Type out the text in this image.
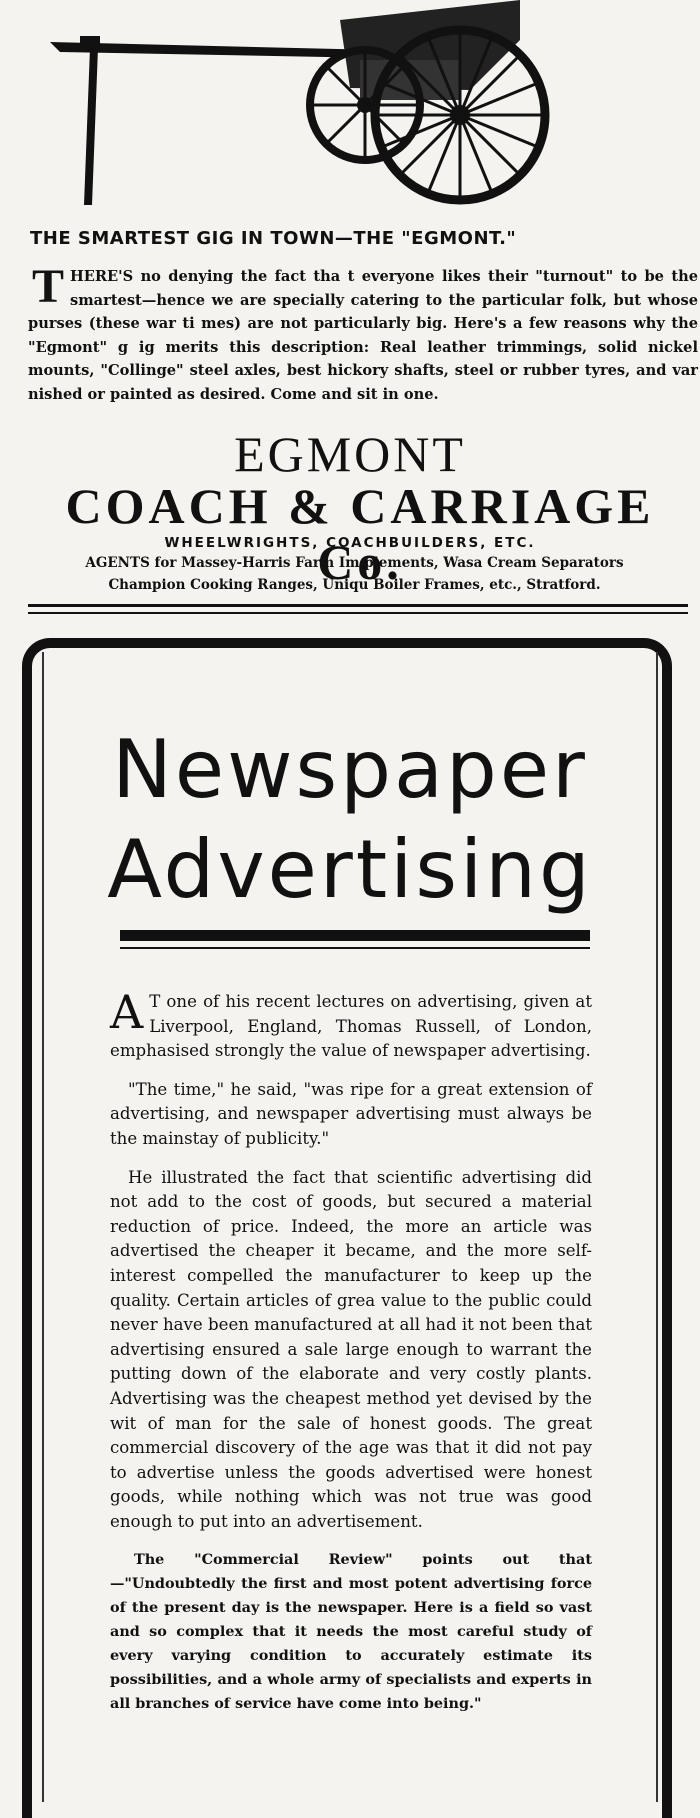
THE SMARTEST GIG IN TOWN—THE "EGMONT."
THERE'S no denying the fact tha t everyone likes their "turnout" to be the smartest—hence we are specially catering to the particular folk, but whose purses (these war ti mes) are not particularly big. Here's a few reasons why the "Egmont" g ig merits this description: Real leather trimmings, solid nickel mounts, "Collinge" steel axles, best hickory shafts, steel or rubber tyres, and var nished or painted as desired. Come and sit in one.
EGMONT
COACH & CARRIAGE Co.
WHEELWRIGHTS, COACHBUILDERS, ETC.
AGENTS for Massey-Harris Farm Im plements, Wasa Cream Separators
Champion Cooking Ranges, Uniqu Boiler Frames, etc., Stratford.
Newspaper
Advertising

A T one of his recent lectures on advertising, given at Liverpool, England, Thomas Russell, of London, emphasised strongly the value of newspaper advertising.

"The time," he said, "was ripe for a great extension of advertising, and newspaper advertising must always be the mainstay of publicity."

He illustrated the fact that scientific advertising did not add to the cost of goods, but secured a material reduction of price. Indeed, the more an article was advertised the cheaper it became, and the more self-interest compelled the manufacturer to keep up the quality. Certain articles of grea value to the public could never have been manufactured at all had it not been that advertising ensured a sale large enough to warrant the putting down of the elaborate and very costly plants. Advertising was the cheapest method yet devised by the wit of man for the sale of honest goods. The great commercial discovery of the age was that it did not pay to advertise unless the goods advertised were honest goods, while nothing which was not true was good enough to put into an advertisement.

The "Commercial Review" points out that—"Undoubtedly the first and most potent advertising force of the present day is the newspaper. Here is a field so vast and so complex that it needs the most careful study of every varying condition to accurately estimate its possibilities, and a whole army of specialists and experts in all branches of service have come into being."
